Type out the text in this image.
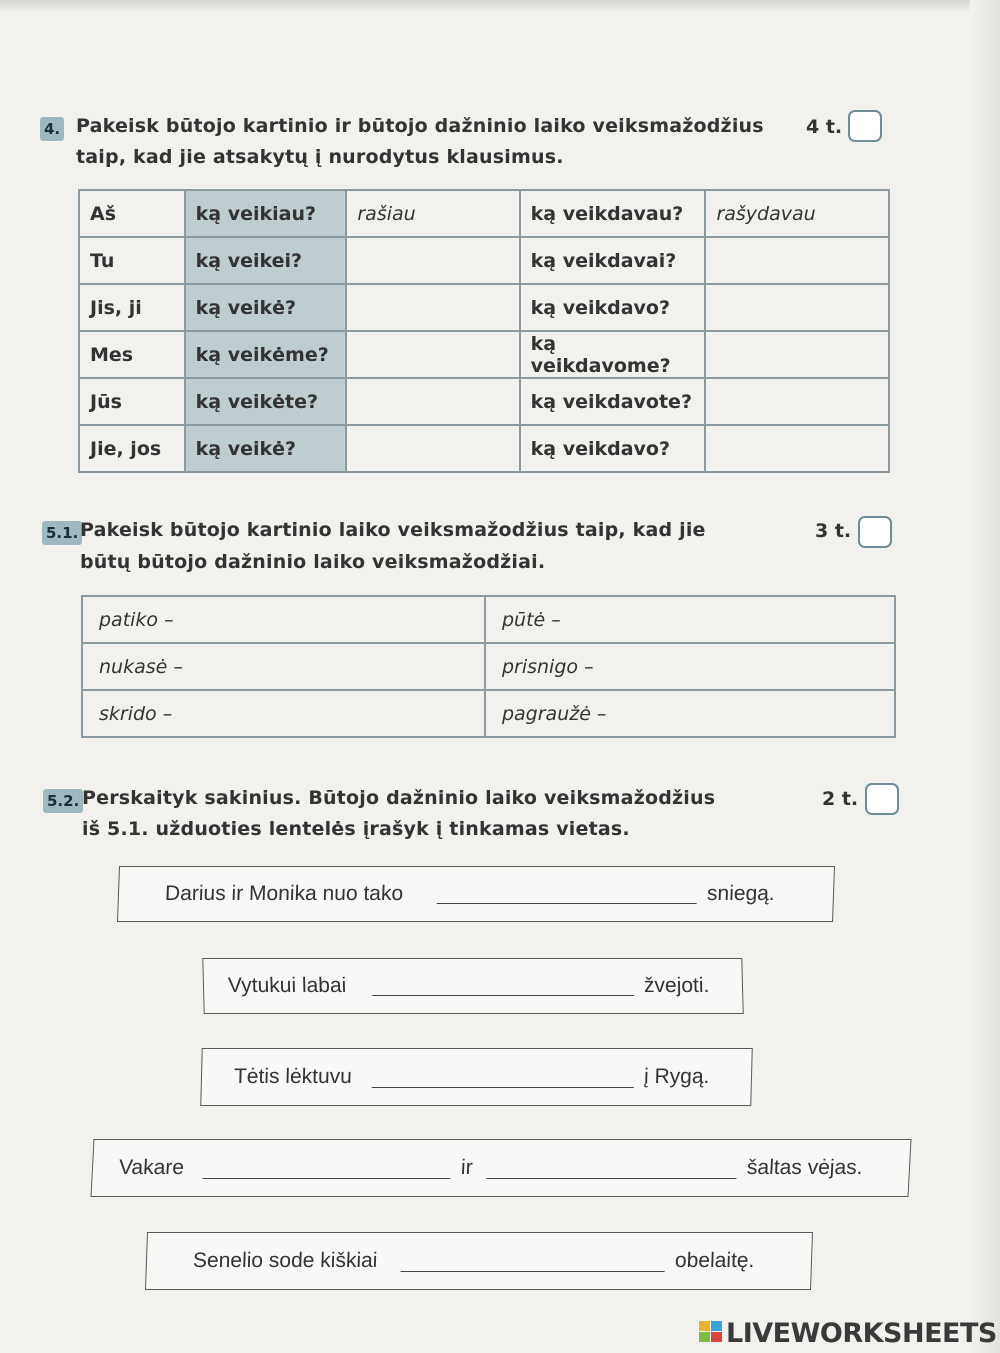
4. Pakeisk būtojo kartinio ir būtojo dažninio laiko veiksmažodžius
taip, kad jie atsakytų į nurodytus klausimus.
4 t.
Aš	ką veikiau?	rašiau	ką veikdavau?	rašydavau
Tu	ką veikei?		ką veikdavai?	
Jis, ji	ką veikė?		ką veikdavo?	
Mes	ką veikėme?		ką veikdavome?	
Jūs	ką veikėte?		ką veikdavote?	
Jie, jos	ką veikė?		ką veikdavo?	
5.1. Pakeisk būtojo kartinio laiko veiksmažodžius taip, kad jie
būtų būtojo dažninio laiko veiksmažodžiai.
3 t.
patiko –	pūtė –
nukasė –	prisnigo –
skrido –	pagraužė –
5.2. Perskaityk sakinius. Būtojo dažninio laiko veiksmažodžius
iš 5.1. užduoties lentelės įrašyk į tinkamas vietas.
2 t.
Darius ir Monika nuo tako	sniegą.
Vytukui labai	žvejoti.
Tėtis lėktuvu	į Rygą.
Vakare	ir	šaltas vėjas.
Senelio sode kiškiai	obelaitę.
LIVEWORKSHEETS
